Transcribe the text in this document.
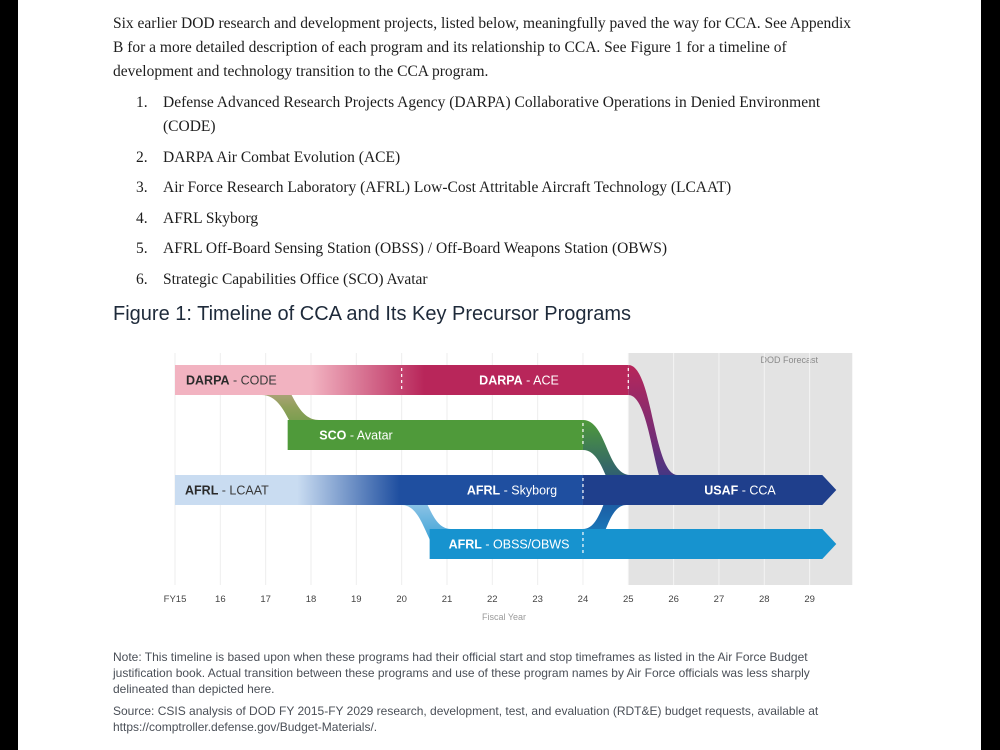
Six earlier DOD research and development projects, listed below, meaningfully paved the way for CCA. See Appendix B for a more detailed description of each program and its relationship to CCA. See Figure 1 for a timeline of development and technology transition to the CCA program.

1. Defense Advanced Research Projects Agency (DARPA) Collaborative Operations in Denied Environment (CODE)
2. DARPA Air Combat Evolution (ACE)
3. Air Force Research Laboratory (AFRL) Low-Cost Attritable Aircraft Technology (LCAAT)
4. AFRL Skyborg
5. AFRL Off-Board Sensing Station (OBSS) / Off-Board Weapons Station (OBWS)
6. Strategic Capabilities Office (SCO) Avatar
Figure 1: Timeline of CCA and Its Key Precursor Programs
DOD Forecast
DARPA - CODE	DARPA - ACE
SCO - Avatar
AFRL - LCAAT	AFRL - Skyborg
AFRL - OBSS/OBWS
USAF - CCA
FY15	16	17	18	19	20	21	22	23	24	25	26	27	28	29
Fiscal Year

Note: This timeline is based upon when these programs had their official start and stop timeframes as listed in the Air Force Budget justification book. Actual transition between these programs and use of these program names by Air Force officials was less sharply delineated than depicted here.

Source: CSIS analysis of DOD FY 2015-FY 2029 research, development, test, and evaluation (RDT&E) budget requests, available at https://comptroller.defense.gov/Budget-Materials/.
